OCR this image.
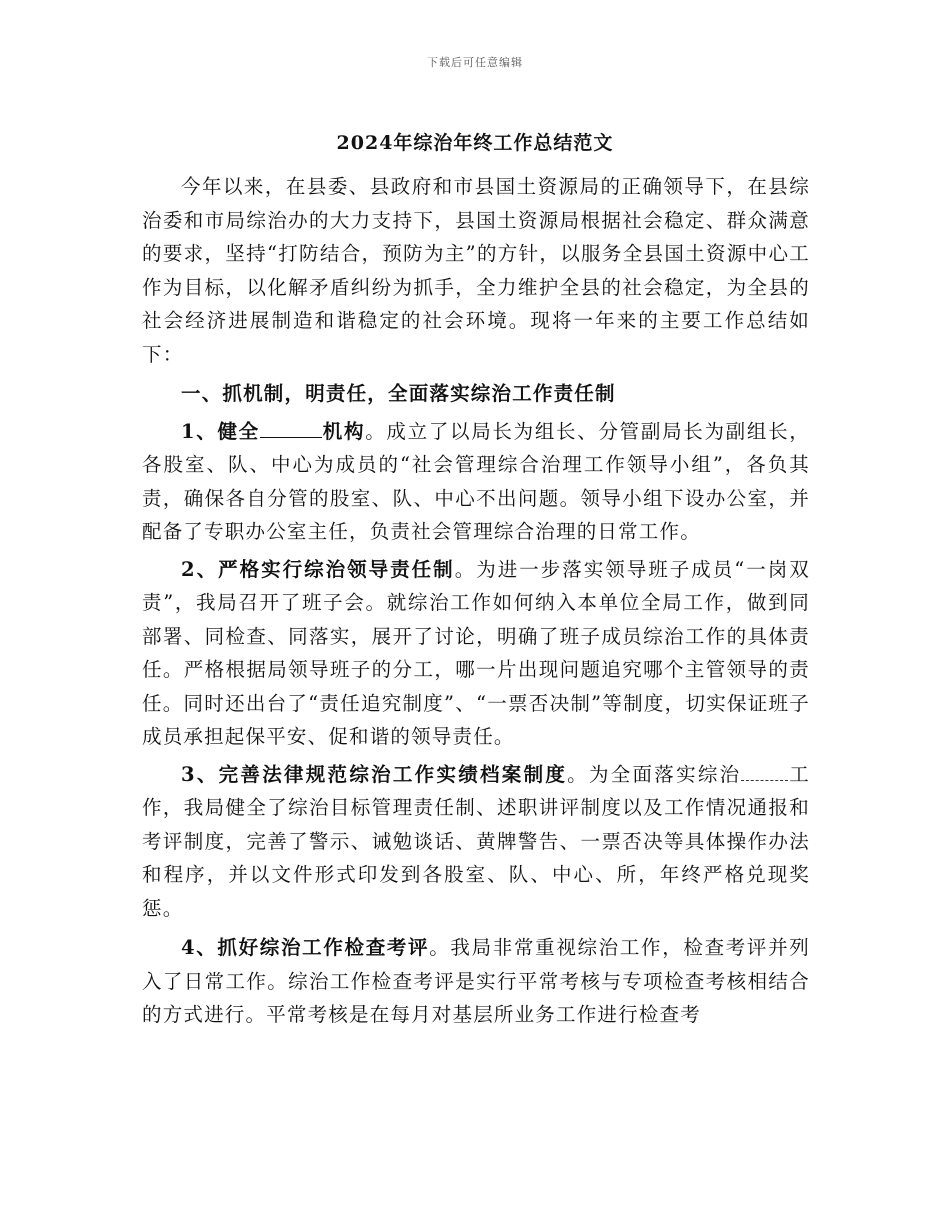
下载后可任意编辑
2024年综治年终工作总结范文

今年以来，在县委、县政府和市县国土资源局的正确领导下，在县综治委和市局综治办的大力支持下，县国土资源局根据社会稳定、群众满意的要求，坚持“打防结合，预防为主”的方针，以服务全县国土资源中心工作为目标，以化解矛盾纠纷为抓手，全力维护全县的社会稳定，为全县的社会经济进展制造和谐稳定的社会环境。现将一年来的主要工作总结如下：

一、抓机制，明责任，全面落实综治工作责任制

1、健全	机构。成立了以局长为组长、分管副局长为副组长，各股室、队、中心为成员的“社会管理综合治理工作领导小组”，各负其责，确保各自分管的股室、队、中心不出问题。领导小组下设办公室，并配备了专职办公室主任，负责社会管理综合治理的日常工作。

2、严格实行综治领导责任制。为进一步落实领导班子成员“一岗双责”，我局召开了班子会。就综治工作如何纳入本单位全局工作，做到同部署、同检查、同落实，展开了讨论，明确了班子成员综治工作的具体责任。严格根据局领导班子的分工，哪一片出现问题追究哪个主管领导的责任。同时还出台了“责任追究制度”、“一票否决制”等制度，切实保证班子成员承担起保平安、促和谐的领导责任。

3、完善法律规范综治工作实绩档案制度。为全面落实综治 工作，我局健全了综治目标管理责任制、述职讲评制度以及工作情况通报和考评制度，完善了警示、诫勉谈话、黄牌警告、一票否决等具体操作办法和程序，并以文件形式印发到各股室、队、中心、所，年终严格兑现奖惩。

4、抓好综治工作检查考评。我局非常重视综治工作，检查考评并列入了日常工作。综治工作检查考评是实行平常考核与专项检查考核相结合的方式进行。平常考核是在每月对基层所业务工作进行检查考
